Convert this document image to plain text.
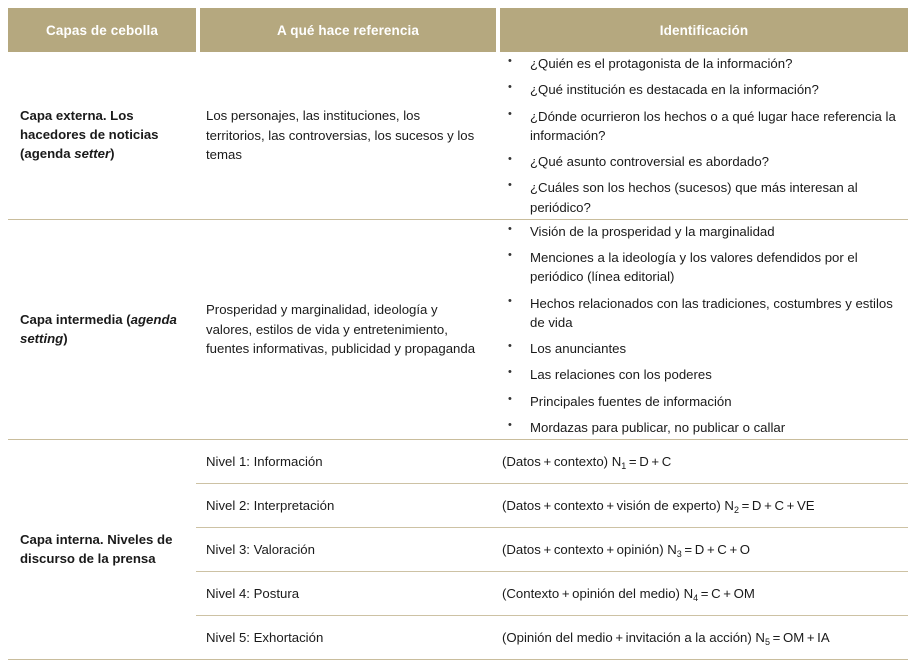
Capas de cebolla	A qué hace referencia	Identificación
Capa externa. Los hacedores de noticias (agenda setter)
Los personajes, las instituciones, los territorios, las controversias, los sucesos y los temas
• ¿Quién es el protagonista de la información?
• ¿Qué institución es destacada en la información?
• ¿Dónde ocurrieron los hechos o a qué lugar hace referencia la información?
• ¿Qué asunto controversial es abordado?
• ¿Cuáles son los hechos (sucesos) que más interesan al periódico?
Capa intermedia (agenda setting)
Prosperidad y marginalidad, ideología y valores, estilos de vida y entretenimiento, fuentes informativas, publicidad y propaganda
• Visión de la prosperidad y la marginalidad
• Menciones a la ideología y los valores defendidos por el periódico (línea editorial)
• Hechos relacionados con las tradiciones, costumbres y estilos de vida
• Los anunciantes
• Las relaciones con los poderes
• Principales fuentes de información
• Mordazas para publicar, no publicar o callar
Capa interna. Niveles de discurso de la prensa
Nivel 1: Información	(Datos + contexto) $N_1 = D + C$
Nivel 2: Interpretación	(Datos + contexto + visión de experto) $N_2 = D + C$ + VE
Nivel 3: Valoración	(Datos + contexto + opinión) $N_3 = D + C + O$
Nivel 4: Postura	(Contexto + opinión del medio) $N_4 = C$ + OM
Nivel 5: Exhortación	(Opinión del medio + invitación a la acción) $N_5$ = OM + IA
